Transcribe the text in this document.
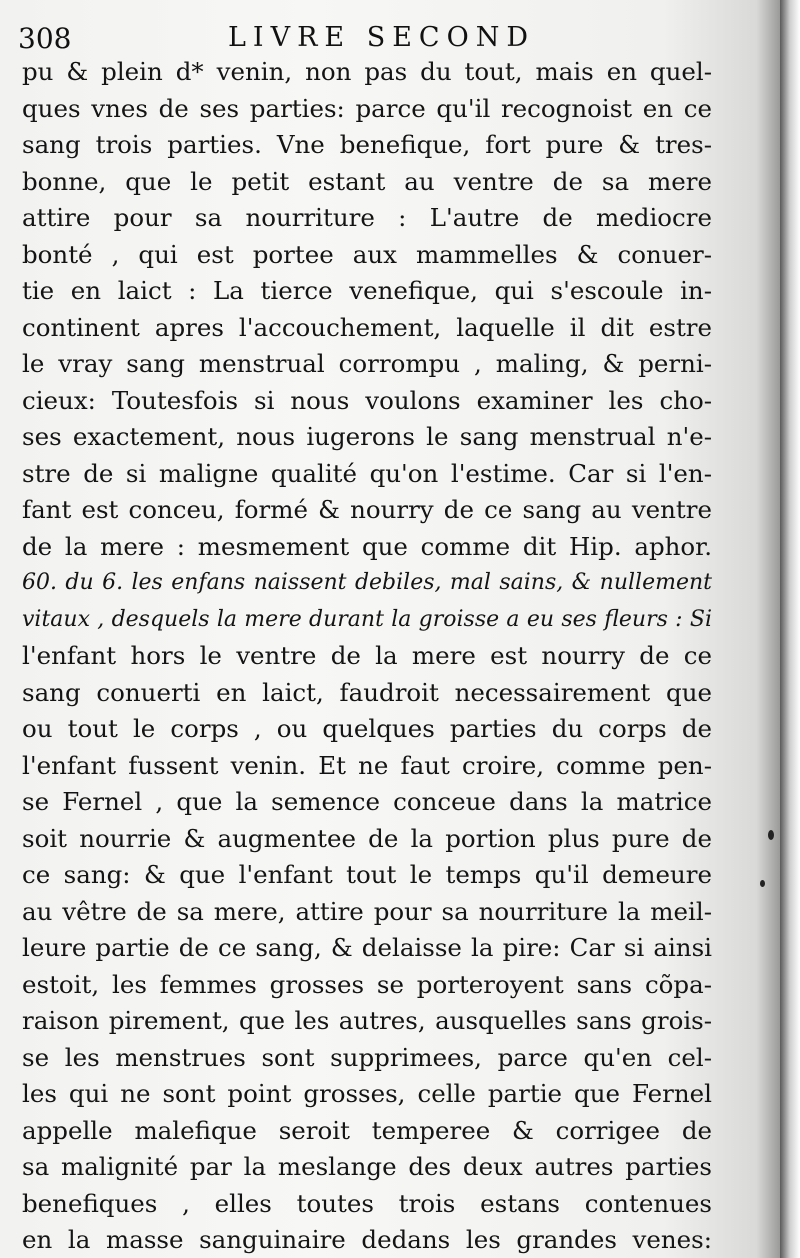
308	LIVRE SECOND
pu & plein d* venin, non pas du tout, mais en quel-
ques vnes de ses parties: parce qu'il recognoist en ce
sang trois parties. Vne benefique, fort pure & tres-
bonne, que le petit estant au ventre de sa mere
attire pour sa nourriture : L'autre de mediocre
bonté , qui est portee aux mammelles & conuer-
tie en laict : La tierce venefique, qui s'escoule in-
continent apres l'accouchement, laquelle il dit estre
le vray sang menstrual corrompu , maling, & perni-
cieux: Toutesfois si nous voulons examiner les cho-
ses exactement, nous iugerons le sang menstrual n'e-
stre de si maligne qualité qu'on l'estime. Car si l'en-
fant est conceu, formé & nourry de ce sang au ventre
de la mere : mesmement que comme dit Hip. aphor.
60. du 6. les enfans naissent debiles, mal sains, & nullement
vitaux , desquels la mere durant la groisse a eu ses fleurs : Si
l'enfant hors le ventre de la mere est nourry de ce
sang conuerti en laict, faudroit necessairement que
ou tout le corps , ou quelques parties du corps de
l'enfant fussent venin. Et ne faut croire, comme pen-
se Fernel , que la semence conceue dans la matrice
soit nourrie & augmentee de la portion plus pure de
ce sang: & que l'enfant tout le temps qu'il demeure
au vêtre de sa mere, attire pour sa nourriture la meil-
leure partie de ce sang, & delaisse la pire: Car si ainsi
estoit, les femmes grosses se porteroyent sans cõpa-
raison pirement, que les autres, ausquelles sans grois-
se les menstrues sont supprimees, parce qu'en cel-
les qui ne sont point grosses, celle partie que Fernel
appelle malefique seroit temperee & corrigee de
sa malignité par la meslange des deux autres parties
benefiques , elles toutes trois estans contenues
en la masse sanguinaire dedans les grandes venes:
